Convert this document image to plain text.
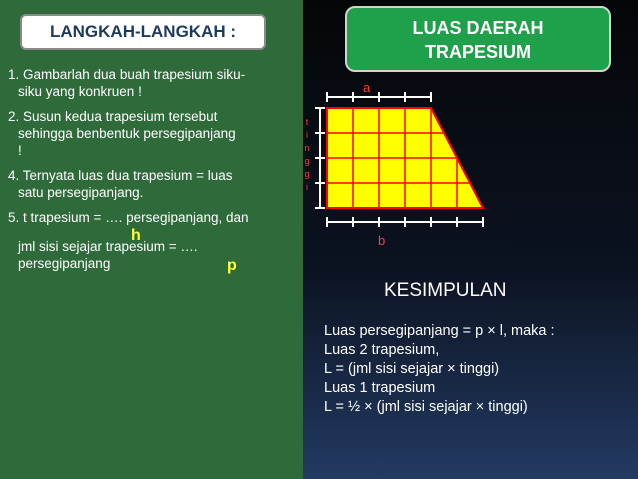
LANGKAH-LANGKAH :	LUAS DAERAH
TRAPESIUM
1. Gambarlah dua buah trapesium siku-
siku yang konkruen !
2. Susun kedua trapesium tersebut
sehingga benbentuk persegipanjang
!
4. Ternyata luas dua trapesium = luas
satu persegipanjang.
5. t trapesium = …. persegipanjang, dan
jml sisi sejajar trapesium = ….
persegipanjang
h
p
a
b
t
i
n
g
g
i
KESIMPULAN
Luas persegipanjang = p × l, maka :
Luas 2 trapesium,
L = (jml sisi sejajar × tinggi)
Luas 1 trapesium
L = ½ × (jml sisi sejajar × tinggi)
